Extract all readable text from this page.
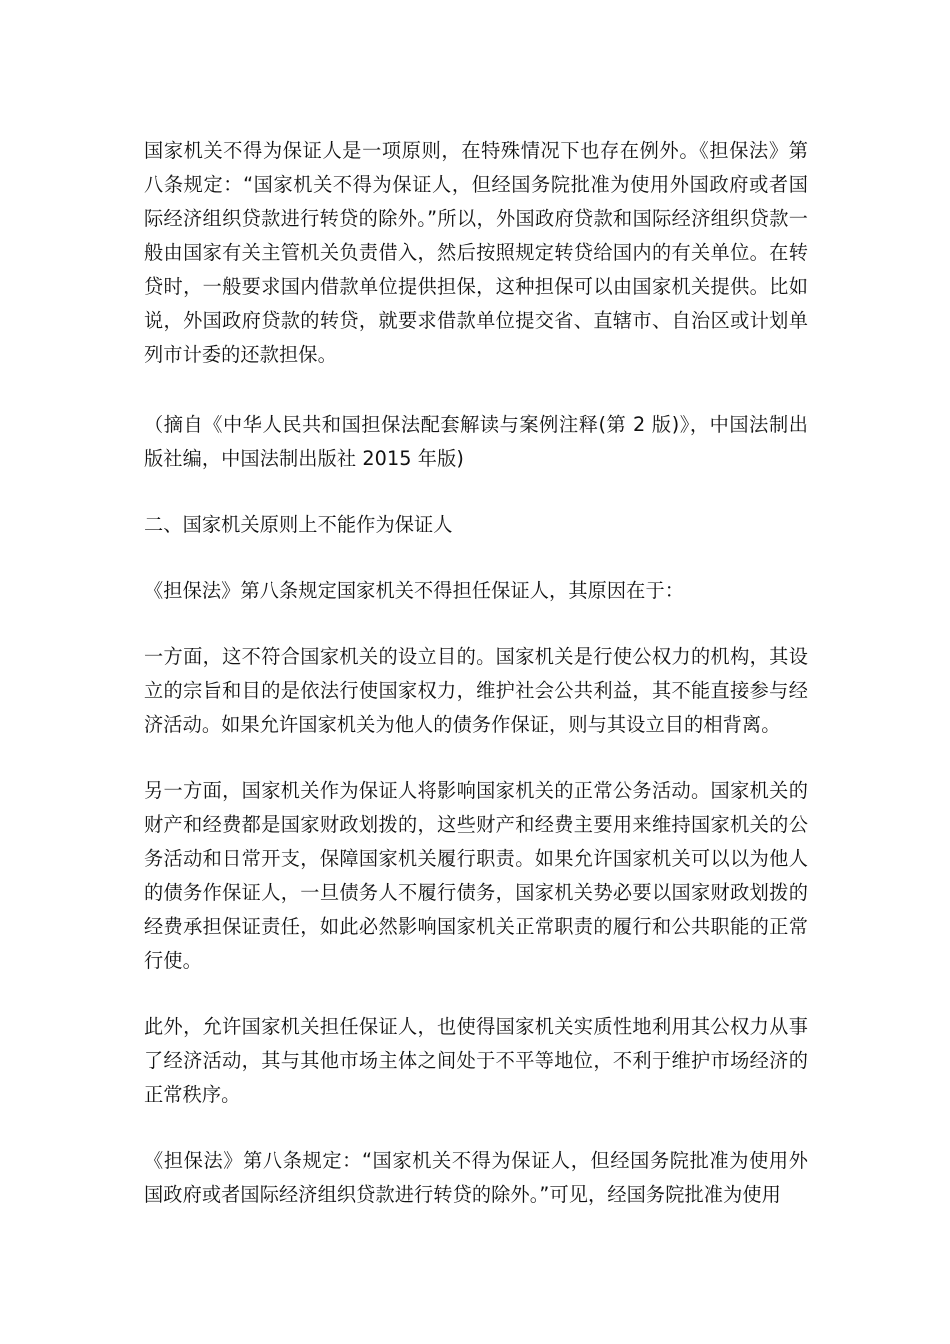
国家机关不得为保证人是一项原则，在特殊情况下也存在例外。《担保法》第八条规定：“国家机关不得为保证人，但经国务院批准为使用外国政府或者国际经济组织贷款进行转贷的除外。”所以，外国政府贷款和国际经济组织贷款一般由国家有关主管机关负责借入，然后按照规定转贷给国内的有关单位。在转贷时，一般要求国内借款单位提供担保，这种担保可以由国家机关提供。比如说，外国政府贷款的转贷，就要求借款单位提交省、直辖市、自治区或计划单列市计委的还款担保。

（摘自《中华人民共和国担保法配套解读与案例注释(第 2 版)》，中国法制出版社编，中国法制出版社 2015 年版)

二、国家机关原则上不能作为保证人

《担保法》第八条规定国家机关不得担任保证人，其原因在于：

一方面，这不符合国家机关的设立目的。国家机关是行使公权力的机构，其设立的宗旨和目的是依法行使国家权力，维护社会公共利益，其不能直接参与经济活动。如果允许国家机关为他人的债务作保证，则与其设立目的相背离。

另一方面，国家机关作为保证人将影响国家机关的正常公务活动。国家机关的财产和经费都是国家财政划拨的，这些财产和经费主要用来维持国家机关的公务活动和日常开支，保障国家机关履行职责。如果允许国家机关可以以为他人的债务作保证人，一旦债务人不履行债务，国家机关势必要以国家财政划拨的经费承担保证责任，如此必然影响国家机关正常职责的履行和公共职能的正常行使。

此外，允许国家机关担任保证人，也使得国家机关实质性地利用其公权力从事了经济活动，其与其他市场主体之间处于不平等地位，不利于维护市场经济的正常秩序。

《担保法》第八条规定：“国家机关不得为保证人，但经国务院批准为使用外国政府或者国际经济组织贷款进行转贷的除外。”可见，经国务院批准为使用
